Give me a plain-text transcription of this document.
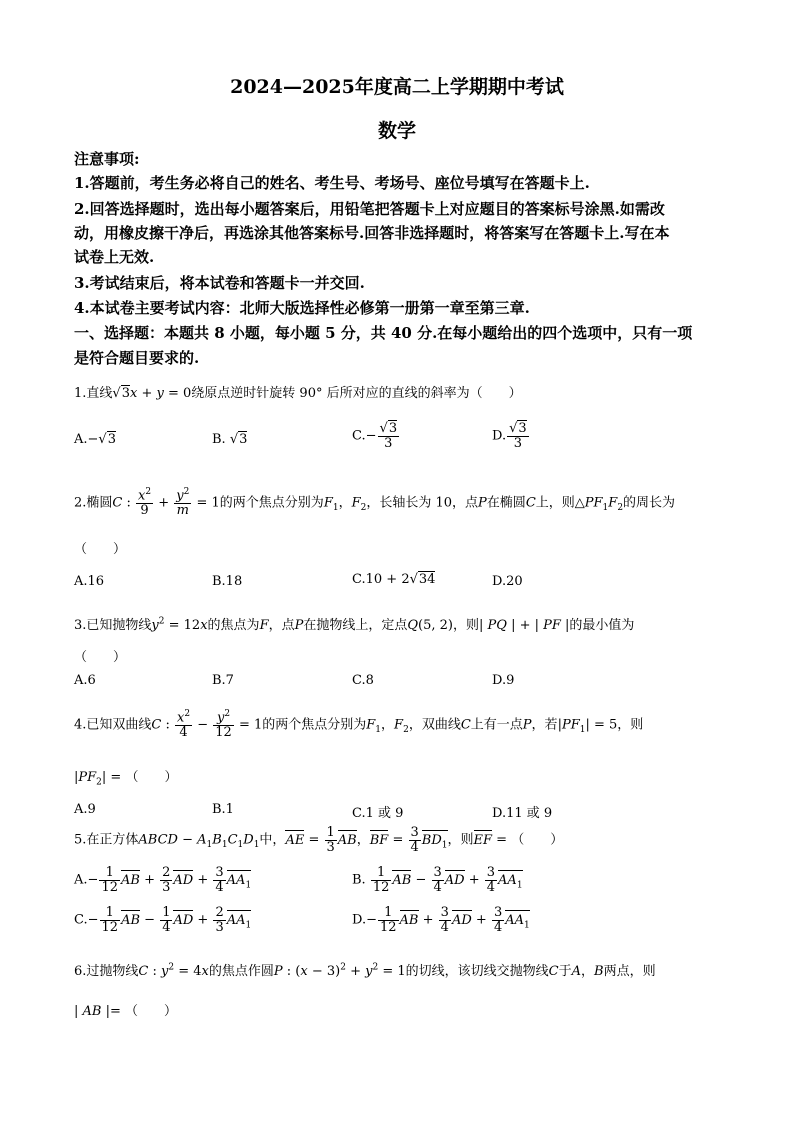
2024—2025年度高二上学期期中考试
数学
注意事项:
1.答题前，考生务必将自己的姓名、考生号、考场号、座位号填写在答题卡上.
2.回答选择题时，选出每小题答案后，用铅笔把答题卡上对应题目的答案标号涂黑.如需改
动，用橡皮擦干净后，再选涂其他答案标号.回答非选择题时，将答案写在答题卡上.写在本
试卷上无效.
3.考试结束后，将本试卷和答题卡一并交回.
4.本试卷主要考试内容：北师大版选择性必修第一册第一章至第三章.
一、选择题：本题共 8 小题，每小题 5 分，共 40 分.在每小题给出的四个选项中，只有一项
是符合题目要求的.
1.直线√3x + y = 0绕原点逆时针旋转 90° 后所对应的直线的斜率为（　　）
A.−√3	B. √3	$C.- \frac{√3}{3}$	D. $\frac{√3}{3}$
2.椭圆C : $\frac{x^2}{9} + \frac{y^2}{m} = 1$的两个焦点分别为$F_1$，$F_2$，长轴长为 10，点P在椭圆C上，则$\triangle PF_1F_2$的周长为
（　　）
A.16	B.18	C.10 + 2√34	D.20
3.已知抛物线$y^2 = 12x$的焦点为F，点P在抛物线上，定点Q(5, 2)，则| PQ | + | PF |的最小值为
（　　）
A.6	B.7	C.8	D.9
4.已知双曲线C : $\frac{x^2}{4} - \frac{y^2}{12} = 1$的两个焦点分别为$F_1$，$F_2$，双曲线C上有一点P，若$|PF_1| = 5$，则
$|PF_2|$ = （　　）
A.9	B.1	C.1 或 9	D.11 或 9
5.在正方体ABCD − $A_1B_1C_1D_1$中，AE = $\frac{1}{3}$ AB，BF = $\frac{3}{4} BD_1$，则EF = （　　）
$A.- \frac{1}{12}$ AB + $\frac{2}{3}$ AD + $\frac{3}{4} AA_1$	B. $\frac{1}{12}$ AB − $\frac{3}{4}$ AD + $\frac{3}{4} AA_1$
$C.- \frac{1}{12}$ AB − $\frac{1}{4}$ AD + $\frac{2}{3} AA_1$	$D.- \frac{1}{12}$ AB + $\frac{3}{4}$ AD + $\frac{3}{4} AA_1$
6.过抛物线C : $y^2 = 4x$的焦点作圆P : $(x - 3)^2 + y^2 = 1$的切线，该切线交抛物线C于A，B两点，则
| AB |= （　　）
